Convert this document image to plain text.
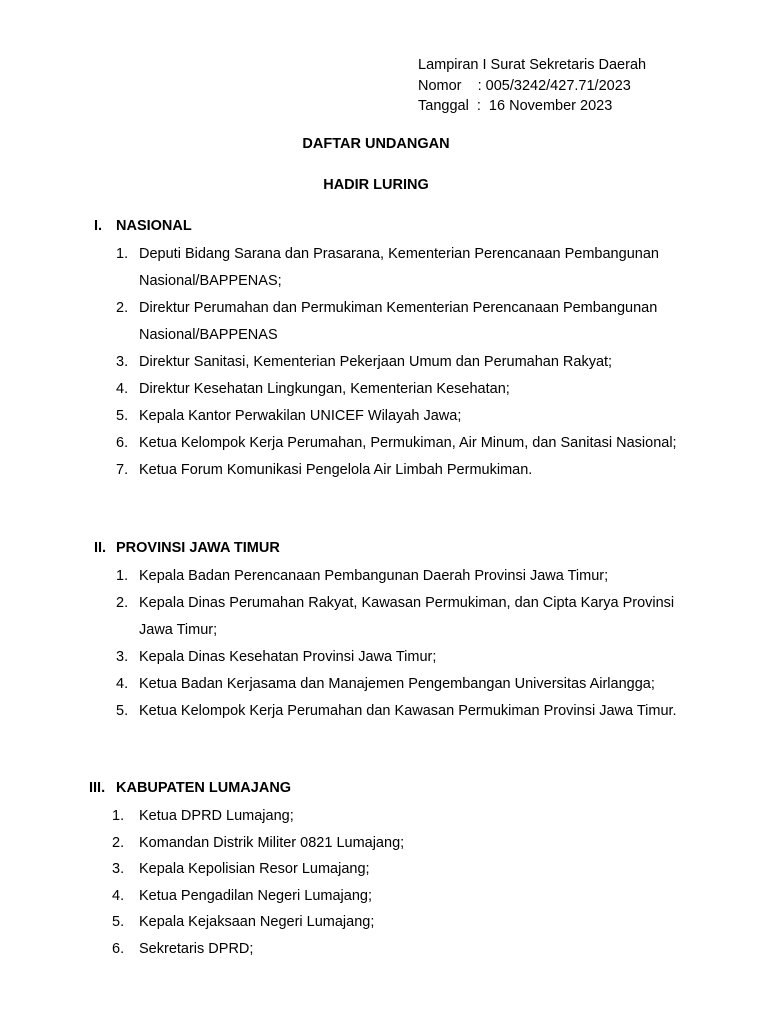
Lampiran I Surat Sekretaris Daerah
Nomor    : 005/3242/427.71/2023
Tanggal  :  16 November 2023
DAFTAR UNDANGAN
HADIR LURING
I. NASIONAL
1. Deputi Bidang Sarana dan Prasarana, Kementerian Perencanaan Pembangunan Nasional/BAPPENAS;
2. Direktur Perumahan dan Permukiman Kementerian Perencanaan Pembangunan Nasional/BAPPENAS
3. Direktur Sanitasi, Kementerian Pekerjaan Umum dan Perumahan Rakyat;
4. Direktur Kesehatan Lingkungan, Kementerian Kesehatan;
5. Kepala Kantor Perwakilan UNICEF Wilayah Jawa;
6. Ketua Kelompok Kerja Perumahan, Permukiman, Air Minum, dan Sanitasi Nasional;
7. Ketua Forum Komunikasi Pengelola Air Limbah Permukiman.
II. PROVINSI JAWA TIMUR
1. Kepala Badan Perencanaan Pembangunan Daerah Provinsi Jawa Timur;
2. Kepala Dinas Perumahan Rakyat, Kawasan Permukiman, dan Cipta Karya Provinsi Jawa Timur;
3. Kepala Dinas Kesehatan Provinsi Jawa Timur;
4. Ketua Badan Kerjasama dan Manajemen Pengembangan Universitas Airlangga;
5. Ketua Kelompok Kerja Perumahan dan Kawasan Permukiman Provinsi Jawa Timur.
III. KABUPATEN LUMAJANG
1. Ketua DPRD Lumajang;
2. Komandan Distrik Militer 0821 Lumajang;
3. Kepala Kepolisian Resor Lumajang;
4. Ketua Pengadilan Negeri Lumajang;
5. Kepala Kejaksaan Negeri Lumajang;
6. Sekretaris DPRD;
